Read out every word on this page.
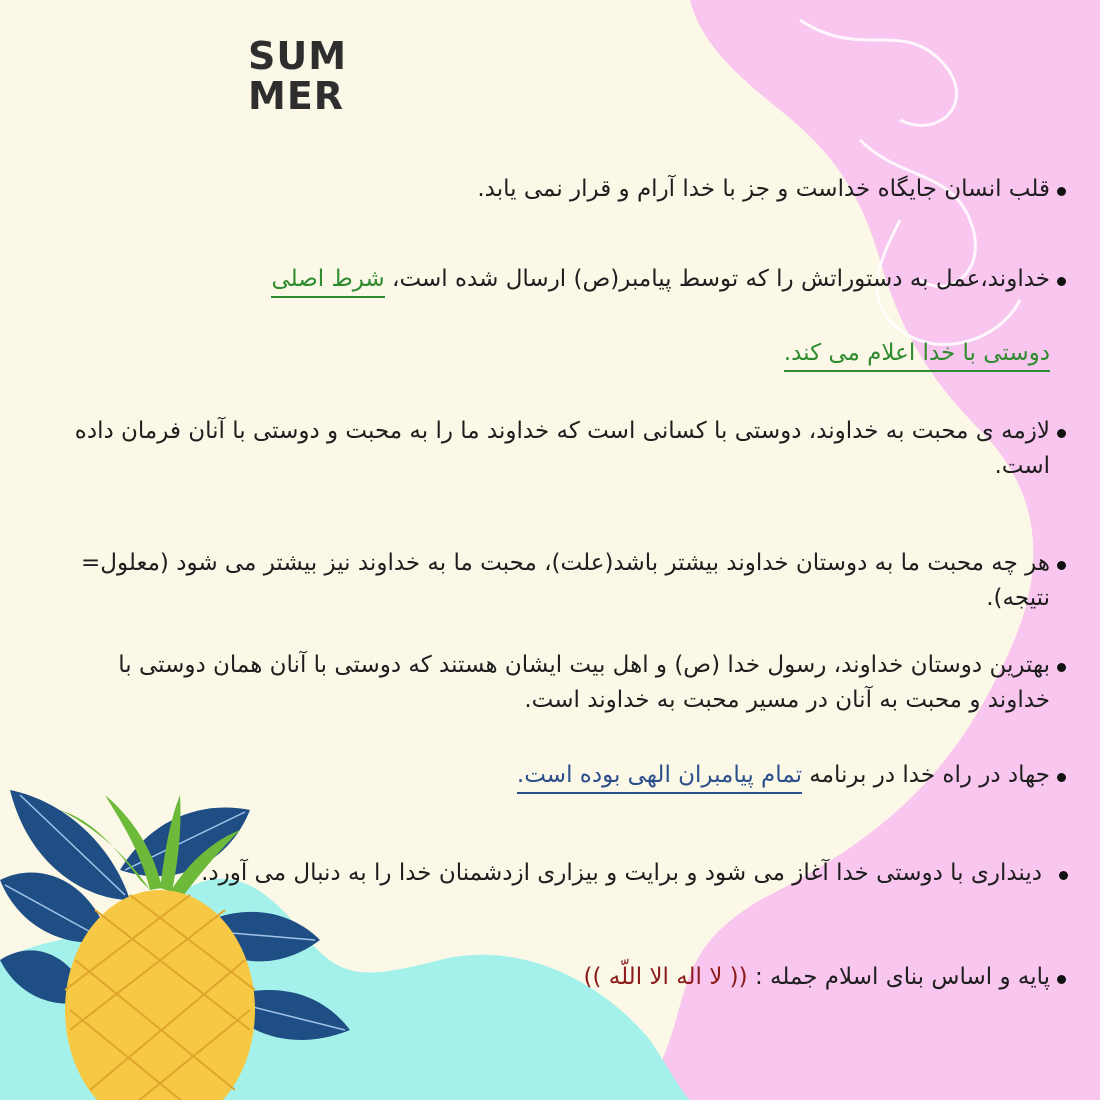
SUM
MER
قلب انسان جایگاه خداست و جز با خدا آرام و قرار نمی یابد.
خداوند،عمل به دستوراتش را که توسط پیامبر(ص) ارسال شده است، شرط اصلی
دوستی با خدا اعلام می کند.
لازمه ی محبت به خداوند، دوستی با کسانی است که خداوند ما را به محبت و دوستی با آنان فرمان داده است.
هر چه محبت ما به دوستان خداوند بیشتر باشد(علت)، محبت ما به خداوند نیز بیشتر می شود (معلول= نتیجه).
بهترین دوستان خداوند، رسول خدا (ص) و اهل بیت ایشان هستند که دوستی با آنان همان دوستی با خداوند و محبت به آنان در مسیر محبت به خداوند است.
جهاد در راه خدا در برنامه تمام پیامبران الهی بوده است.
دینداری با دوستی خدا آغاز می شود و برایت و بیزاری ازدشمنان خدا را به دنبال می آورد.
پایه و اساس بنای اسلام جمله : (( لا اله الا اللّه ))
